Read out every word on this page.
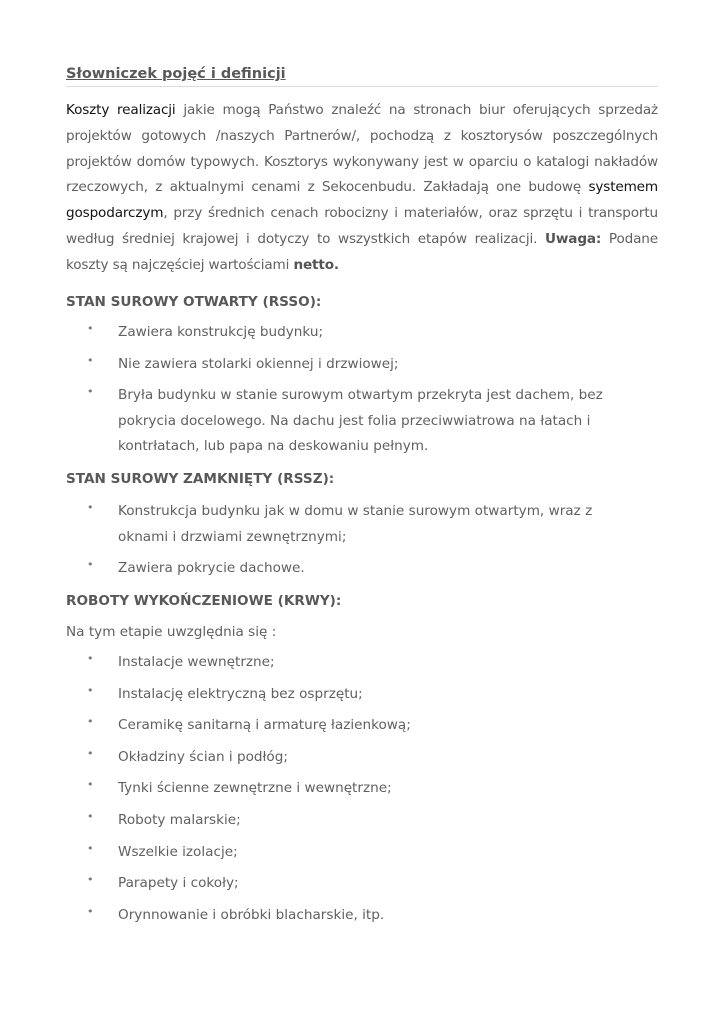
Słowniczek pojęć i definicji

Koszty realizacji jakie mogą Państwo znaleźć na stronach biur oferujących sprzedaż projektów gotowych /naszych Partnerów/, pochodzą z kosztorysów poszczególnych projektów domów typowych. Kosztorys wykonywany jest w oparciu o katalogi nakładów rzeczowych, z aktualnymi cenami z Sekocenbudu. Zakładają one budowę systemem gospodarczym, przy średnich cenach robocizny i materiałów, oraz sprzętu i transportu według średniej krajowej i dotyczy to wszystkich etapów realizacji. Uwaga: Podane koszty są najczęściej wartościami netto.

STAN SUROWY OTWARTY (RSSO):
• Zawiera konstrukcję budynku;
• Nie zawiera stolarki okiennej i drzwiowej;
• Bryła budynku w stanie surowym otwartym przekryta jest dachem, bez pokrycia docelowego. Na dachu jest folia przeciwwiatrowa na łatach i kontrłatach, lub papa na deskowaniu pełnym.
STAN SUROWY ZAMKNIĘTY (RSSZ):
• Konstrukcja budynku jak w domu w stanie surowym otwartym, wraz z oknami i drzwiami zewnętrznymi;
• Zawiera pokrycie dachowe.
ROBOTY WYKOŃCZENIOWE (KRWY):
Na tym etapie uwzględnia się :
• Instalacje wewnętrzne;
• Instalację elektryczną bez osprzętu;
• Ceramikę sanitarną i armaturę łazienkową;
• Okładziny ścian i podłóg;
• Tynki ścienne zewnętrzne i wewnętrzne;
• Roboty malarskie;
• Wszelkie izolacje;
• Parapety i cokoły;
• Orynnowanie i obróbki blacharskie, itp.
